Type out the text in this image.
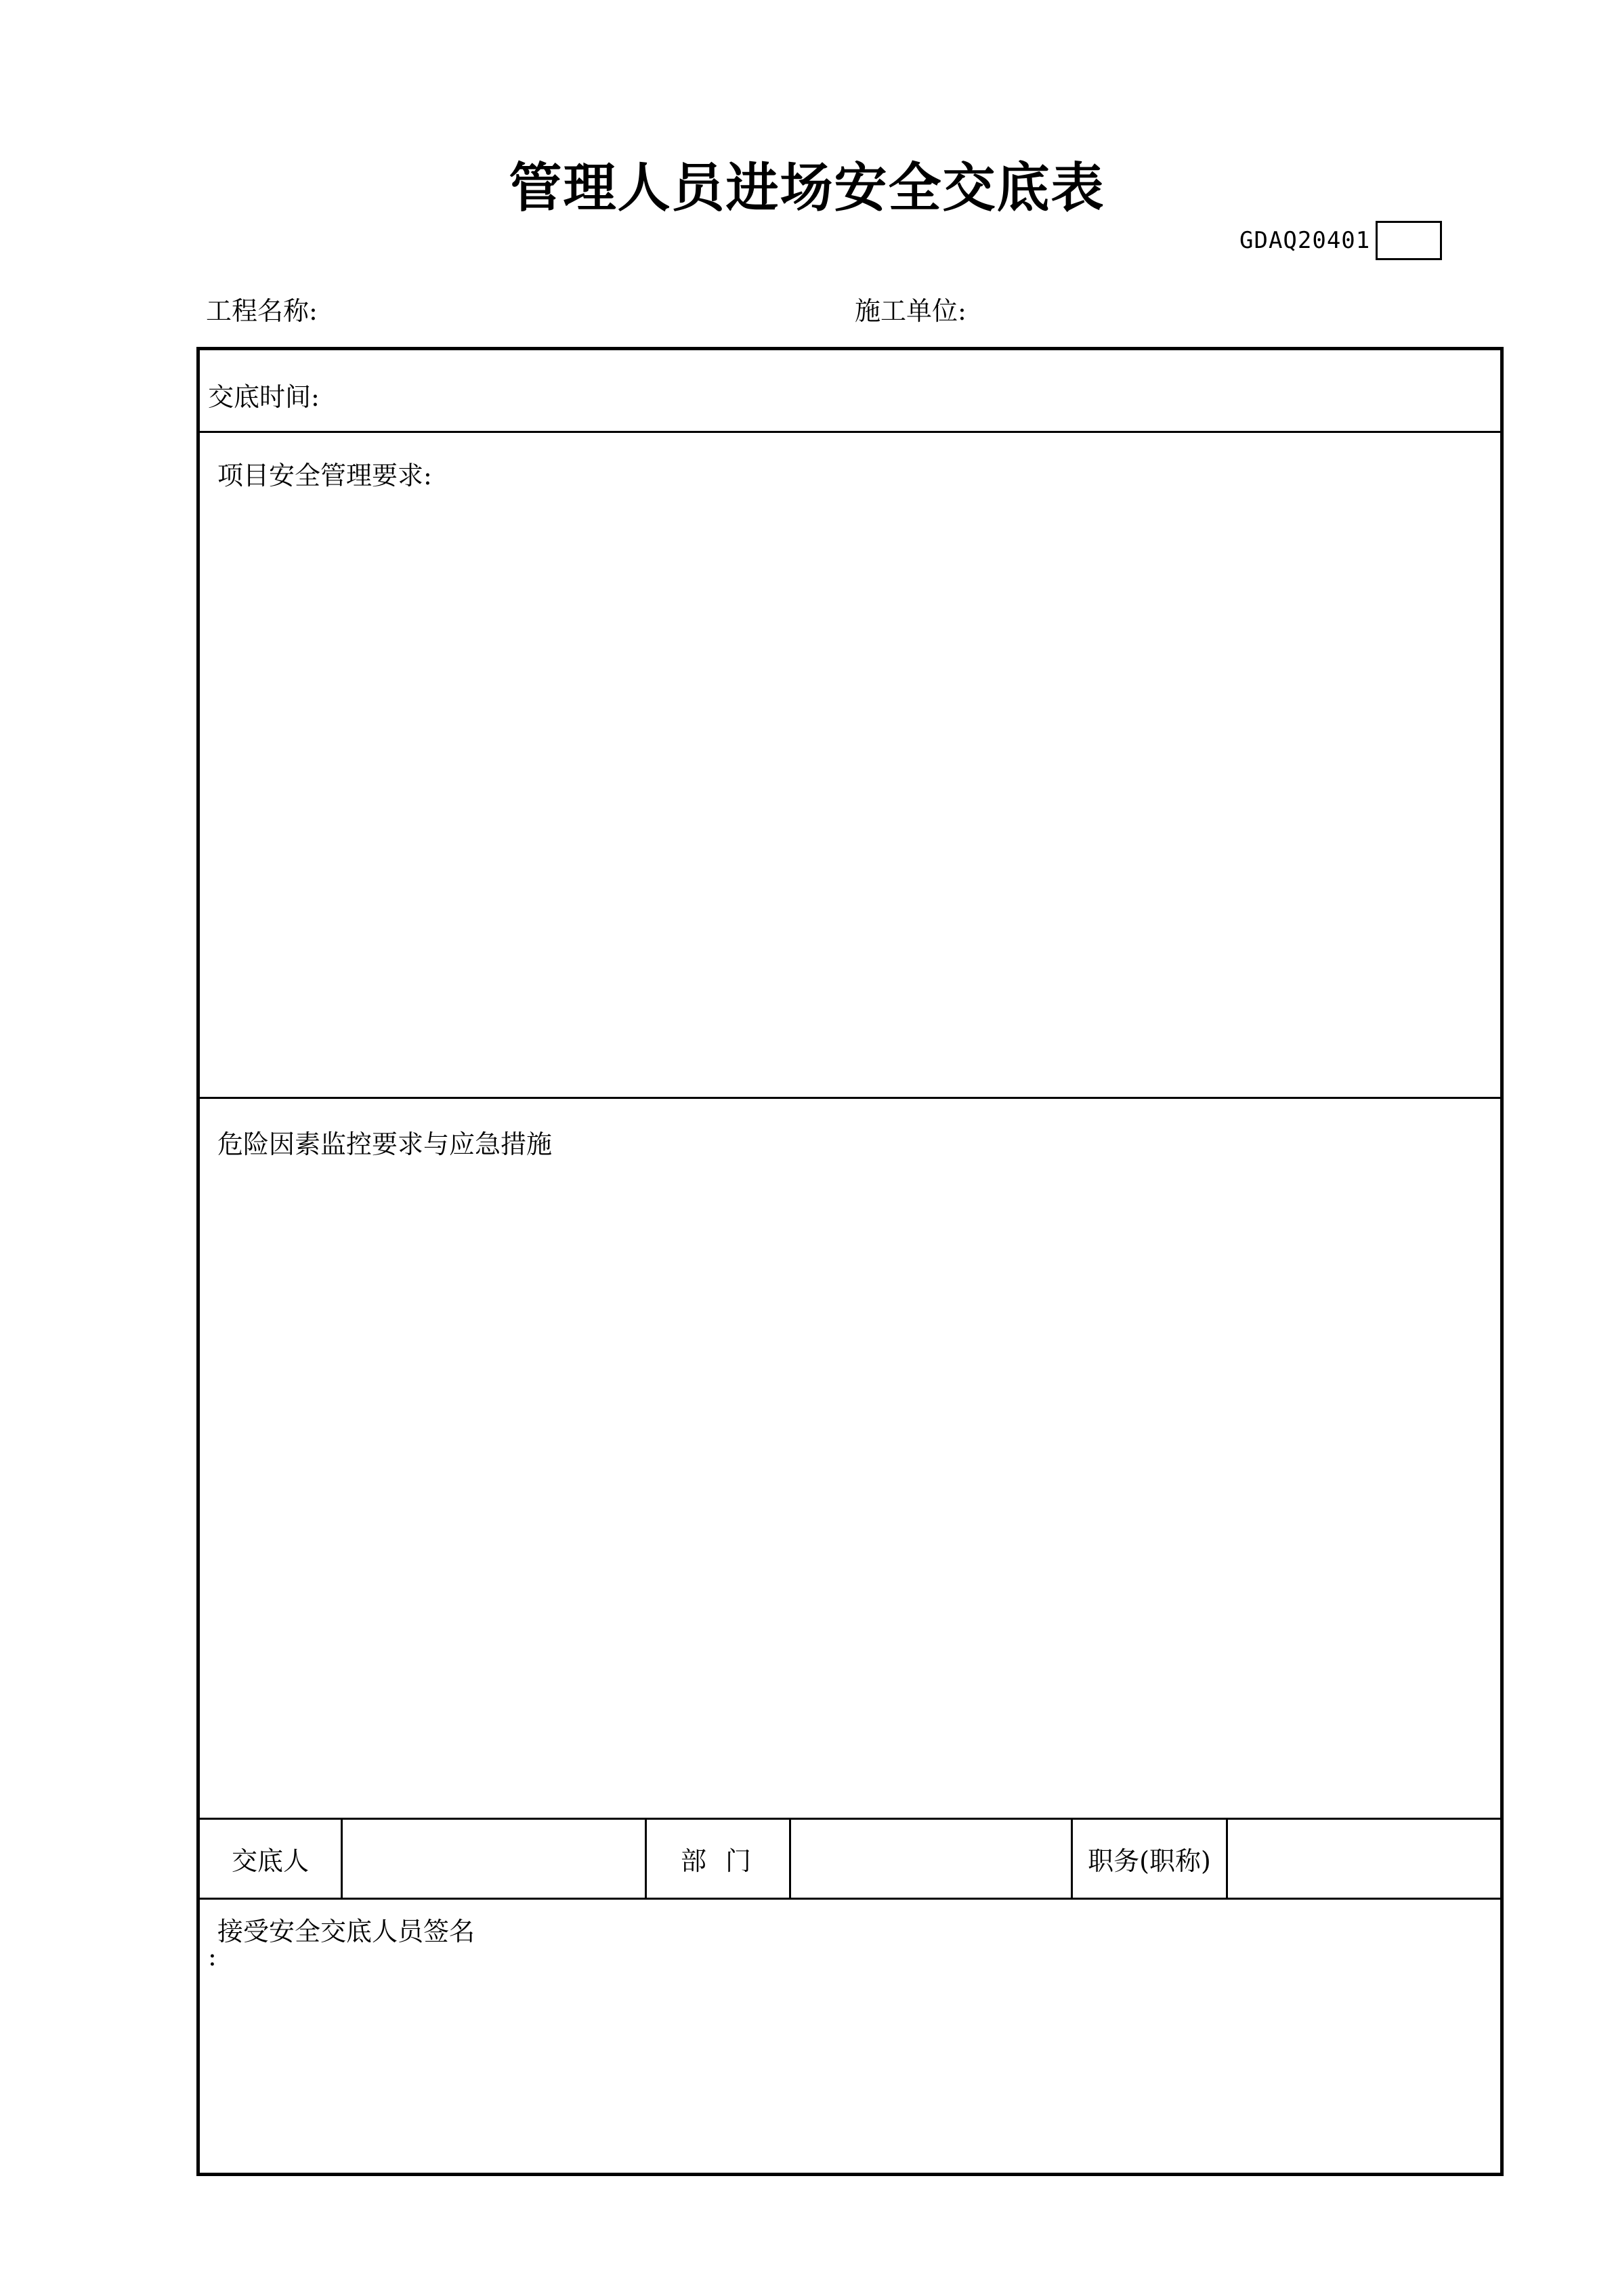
管理人员进场安全交底表
GDAQ20401
工程名称:	施工单位:
交底时间:
项目安全管理要求:
危险因素监控要求与应急措施
交底人	部门	职务(职称)
接受安全交底人员签名
:
